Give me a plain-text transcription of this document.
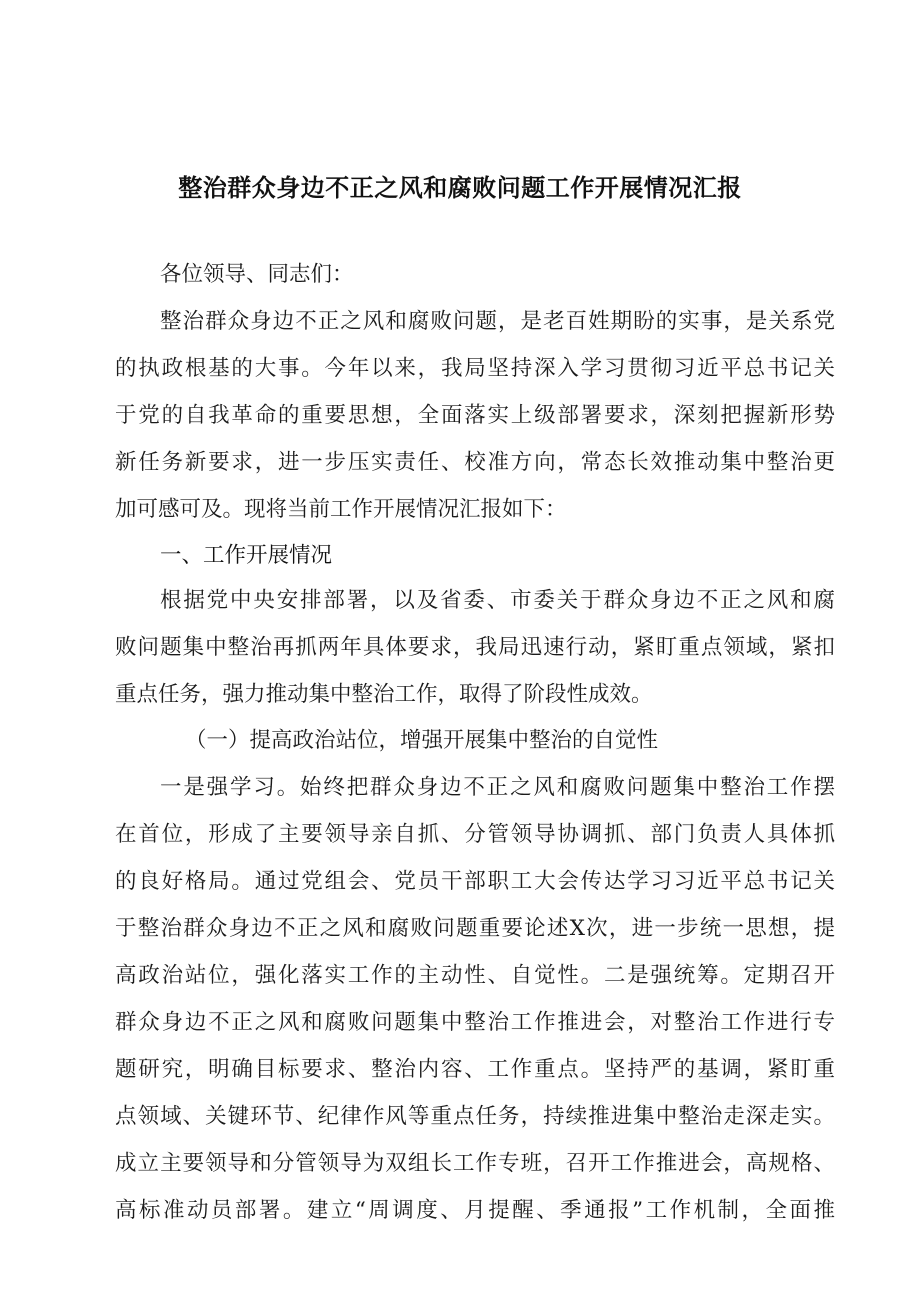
整治群众身边不正之风和腐败问题工作开展情况汇报
各位领导、同志们：
整治群众身边不正之风和腐败问题，是老百姓期盼的实事，是关系党
的执政根基的大事。今年以来，我局坚持深入学习贯彻习近平总书记关
于党的自我革命的重要思想，全面落实上级部署要求，深刻把握新形势
新任务新要求，进一步压实责任、校准方向，常态长效推动集中整治更
加可感可及。现将当前工作开展情况汇报如下：
一、工作开展情况
根据党中央安排部署，以及省委、市委关于群众身边不正之风和腐
败问题集中整治再抓两年具体要求，我局迅速行动，紧盯重点领域，紧扣
重点任务，强力推动集中整治工作，取得了阶段性成效。
（一）提高政治站位，增强开展集中整治的自觉性
一是强学习。始终把群众身边不正之风和腐败问题集中整治工作摆
在首位，形成了主要领导亲自抓、分管领导协调抓、部门负责人具体抓
的良好格局。通过党组会、党员干部职工大会传达学习习近平总书记关
于整治群众身边不正之风和腐败问题重要论述X次，进一步统一思想，提
高政治站位，强化落实工作的主动性、自觉性。二是强统筹。定期召开
群众身边不正之风和腐败问题集中整治工作推进会，对整治工作进行专
题研究，明确目标要求、整治内容、工作重点。坚持严的基调，紧盯重
点领域、关键环节、纪律作风等重点任务，持续推进集中整治走深走实。
成立主要领导和分管领导为双组长工作专班，召开工作推进会，高规格、
高标准动员部署。建立“周调度、月提醒、季通报”工作机制，全面推
